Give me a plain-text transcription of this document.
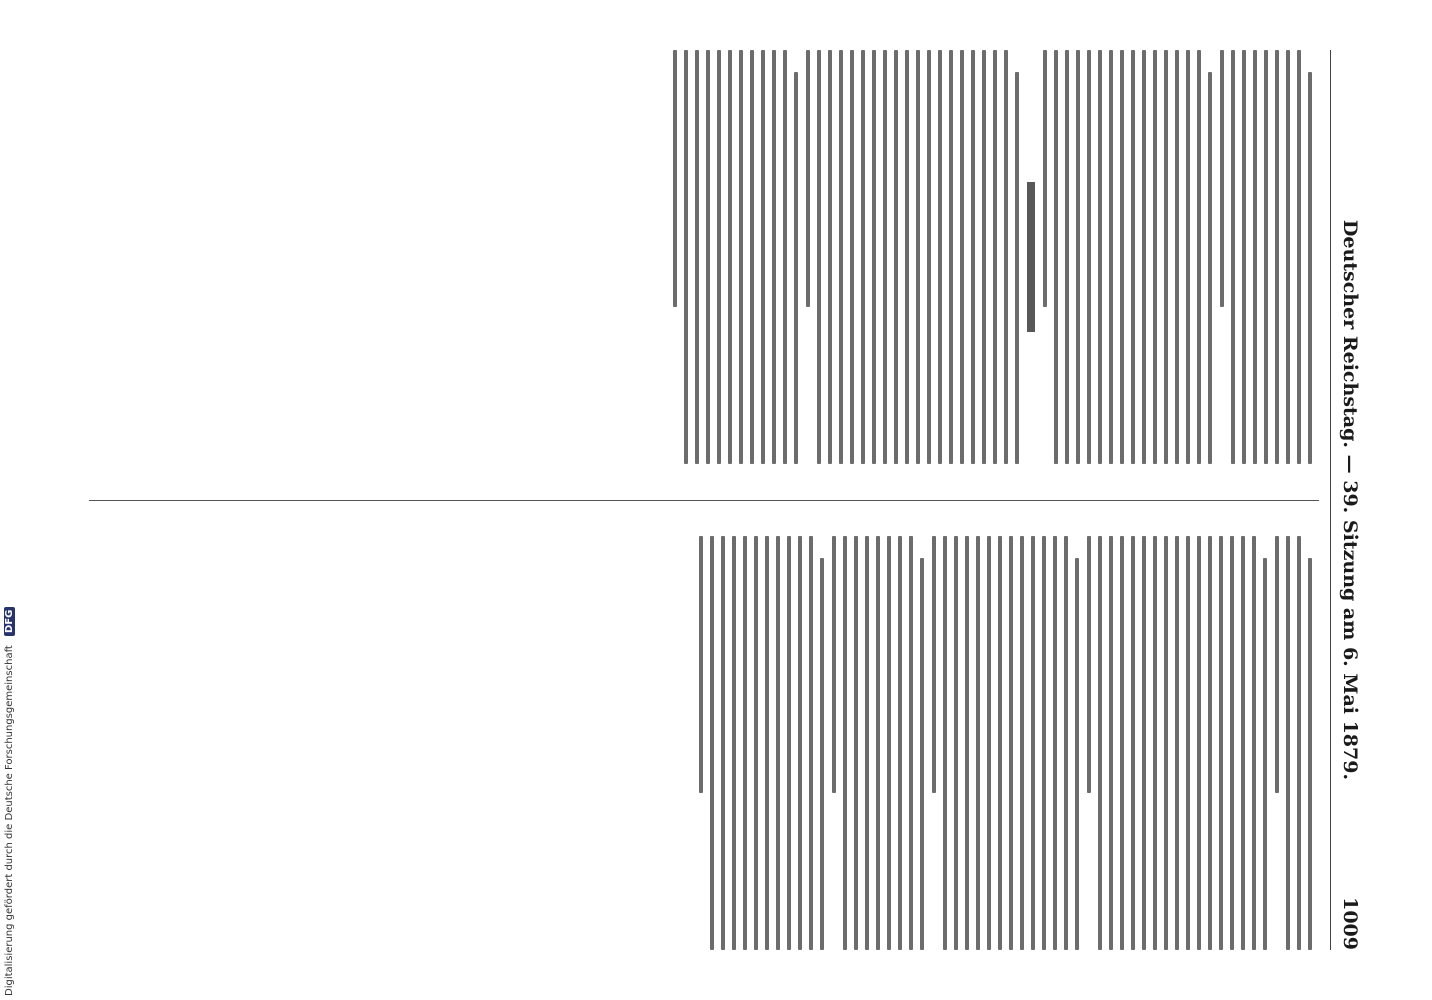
Deutscher Reichstag. — 39. Sitzung am 6. Mai 1879.
1009
Digitalisierung gefördert durch die Deutsche Forschungsgemeinschaft DFG
